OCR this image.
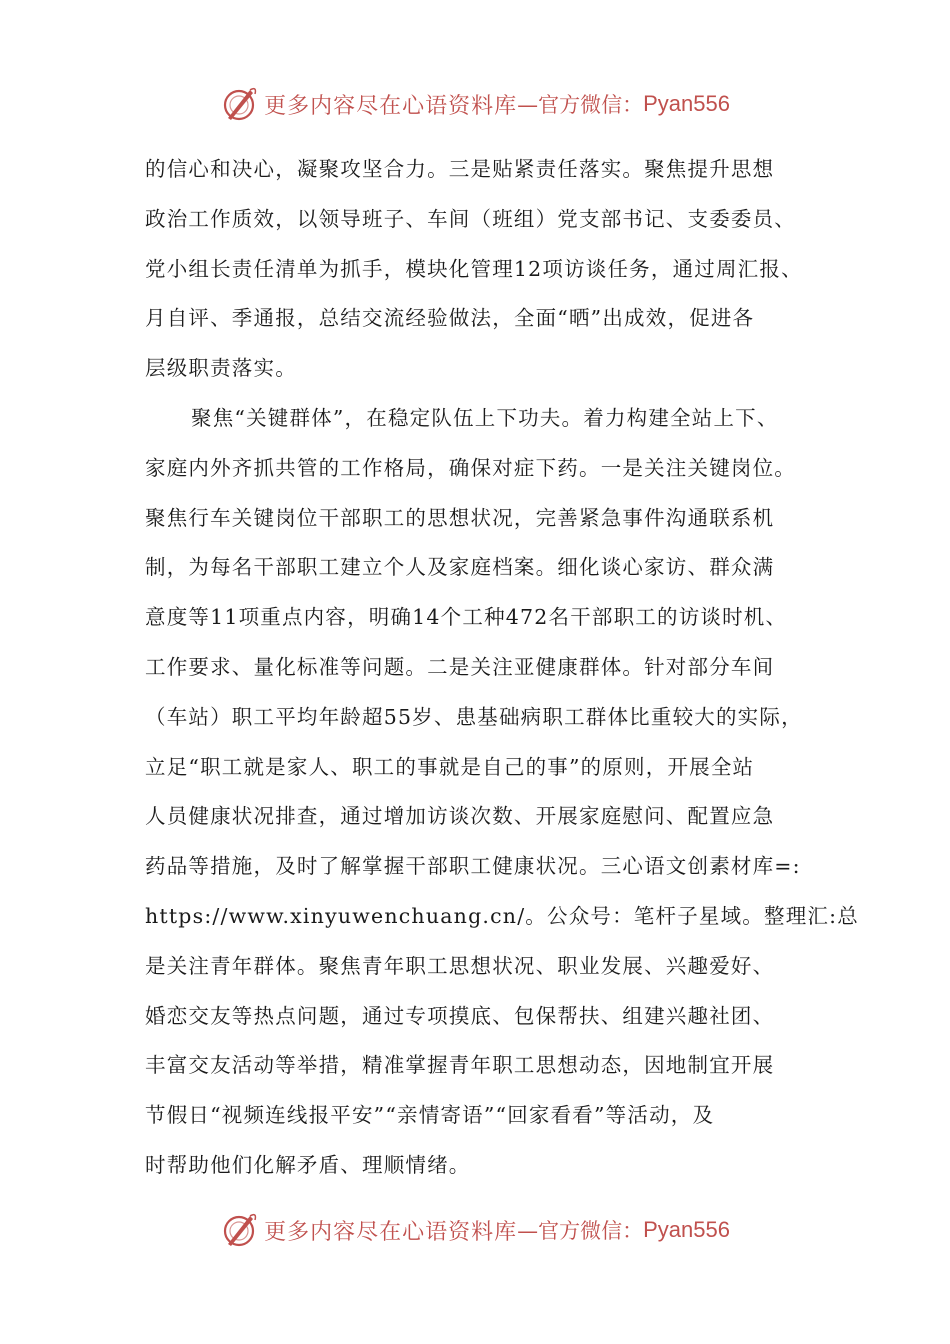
更多内容尽在心语资料库 —官方微信： Pyan556

的信心和决心，凝聚攻坚合力。三是贴紧责任落实。聚焦提升思想
政治工作质效，以领导班子、车间（班组）党支部书记、支委委员、
党小组长责任清单为抓手，模块化管理12项访谈任务，通过周汇报、
月自评、季通报，总结交流经验做法，全面“晒”出成效，促进各
层级职责落实。

聚焦“关键群体”，在稳定队伍上下功夫。着力构建全站上下、
家庭内外齐抓共管的工作格局，确保对症下药。一是关注关键岗位。
聚焦行车关键岗位干部职工的思想状况，完善紧急事件沟通联系机
制，为每名干部职工建立个人及家庭档案。细化谈心家访、群众满
意度等11项重点内容，明确14个工种472名干部职工的访谈时机、
工作要求、量化标准等问题。二是关注亚健康群体。针对部分车间
（车站）职工平均年龄超55岁、患基础病职工群体比重较大的实际，
立足“职工就是家人、职工的事就是自己的事”的原则，开展全站
人员健康状况排查，通过增加访谈次数、开展家庭慰问、配置应急
药品等措施，及时了解掌握干部职工健康状况。三心语文创素材库=:
https://www.xinyuwenchuang.cn/。公众号：笔杆子星域。整理汇:总
是关注青年群体。聚焦青年职工思想状况、职业发展、兴趣爱好、
婚恋交友等热点问题，通过专项摸底、包保帮扶、组建兴趣社团、
丰富交友活动等举措，精准掌握青年职工思想动态，因地制宜开展
节假日“视频连线报平安”“亲情寄语”“回家看看”等活动，及
时帮助他们化解矛盾、理顺情绪。

更多内容尽在心语资料库 —官方微信： Pyan556
